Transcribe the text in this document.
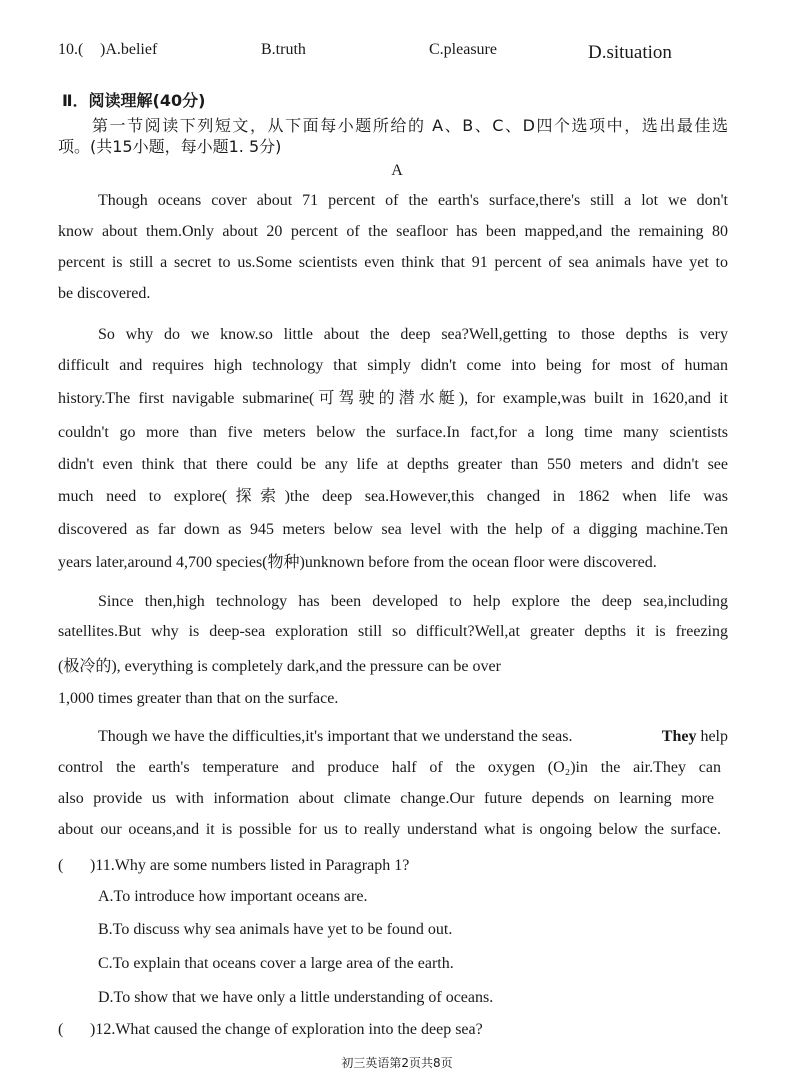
10.( )A.belief	B.truth	C.pleasure	D.situation
Ⅱ．阅读理解(40分)
第一节阅读下列短文，从下面每小题所给的 A、B、C、D四个选项中，选出最佳选
项。(共15小题，每小题1. 5分)
A
Though oceans cover about 71 percent of the earth's surface,there's still a lot we don't
know about them.Only about 20 percent of the seafloor has been mapped,and the remaining 80
percent is still a secret to us.Some scientists even think that 91 percent of sea animals have yet to
be discovered.
So why do we know.so little about the deep sea?Well,getting to those depths is very
difficult and requires high technology that simply didn't come into being for most of human
history.The first navigable submarine(可驾驶的潜水艇), for example,was built in 1620,and it
couldn't go more than five meters below the surface.In fact,for a long time many scientists
didn't even think that there could be any life at depths greater than 550 meters and didn't see
much need to explore(探索)the deep sea.However,this changed in 1862 when life was
discovered as far down as 945 meters below sea level with the help of a digging machine.Ten
years later,around 4,700 species(物种)unknown before from the ocean floor were discovered.
Since then,high technology has been developed to help explore the deep sea,including
satellites.But why is deep-sea exploration still so difficult?Well,at greater depths it is freezing
(极冷的), everything is completely dark,and the pressure can be over
1,000 times greater than that on the surface.
Though we have the difficulties,it's important that we understand the seas.	They help
control the earth's temperature and produce half of the oxygen (O₂)in the air.They can
also provide us with information about climate change.Our future depends on learning more
about our oceans,and it is possible for us to really understand what is ongoing below the surface.
( )11.Why are some numbers listed in Paragraph 1?
A.To introduce how important oceans are.
B.To discuss why sea animals have yet to be found out.
C.To explain that oceans cover a large area of the earth.
D.To show that we have only a little understanding of oceans.
( )12.What caused the change of exploration into the deep sea?
初三英语第2页共8页
